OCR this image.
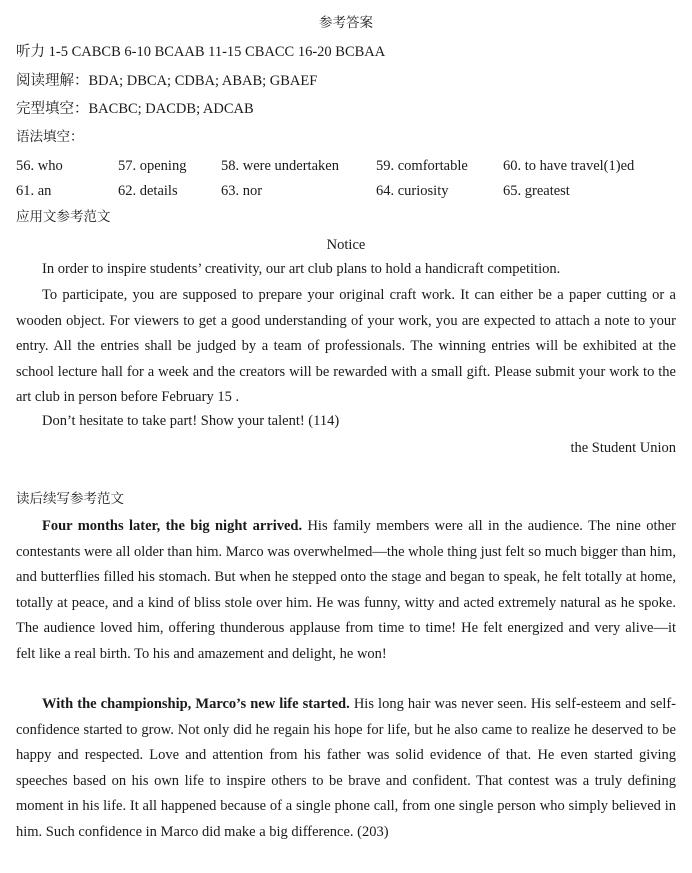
参考答案
听力 1-5 CABCB 6-10 BCAAB 11-15 CBACC 16-20 BCBAA
阅读理解：BDA; DBCA; CDBA; ABAB; GBAEF
完型填空：BACBC; DACDB; ADCAB
语法填空：
56. who	57. opening 58. were undertaken	59. comfortable 60. to have travel(1)ed
61. an	62. details	63. nor	64. curiosity	65. greatest
应用文参考范文
Notice

In order to inspire students’ creativity, our art club plans to hold a handicraft competition.

To participate, you are supposed to prepare your original craft work. It can either be a paper cutting or a wooden object. For viewers to get a good understanding of your work, you are expected to attach a note to your entry. All the entries shall be judged by a team of professionals. The winning entries will be exhibited at the school lecture hall for a week and the creators will be rewarded with a small gift. Please submit your work to the art club in person before February 15 .

Don’t hesitate to take part! Show your talent! (114)

the Student Union
读后续写参考范文

Four months later, the big night arrived. His family members were all in the audience. The nine other contestants were all older than him. Marco was overwhelmed—the whole thing just felt so much bigger than him, and butterflies filled his stomach. But when he stepped onto the stage and began to speak, he felt totally at home, totally at peace, and a kind of bliss stole over him. He was funny, witty and acted extremely natural as he spoke. The audience loved him, offering thunderous applause from time to time! He felt energized and very alive—it felt like a real birth. To his and amazement and delight, he won!

With the championship, Marco’s new life started. His long hair was never seen. His self-esteem and self-confidence started to grow. Not only did he regain his hope for life, but he also came to realize he deserved to be happy and respected. Love and attention from his father was solid evidence of that. He even started giving speeches based on his own life to inspire others to be brave and confident. That contest was a truly defining moment in his life. It all happened because of a single phone call, from one single person who simply believed in him. Such confidence in Marco did make a big difference. (203)
